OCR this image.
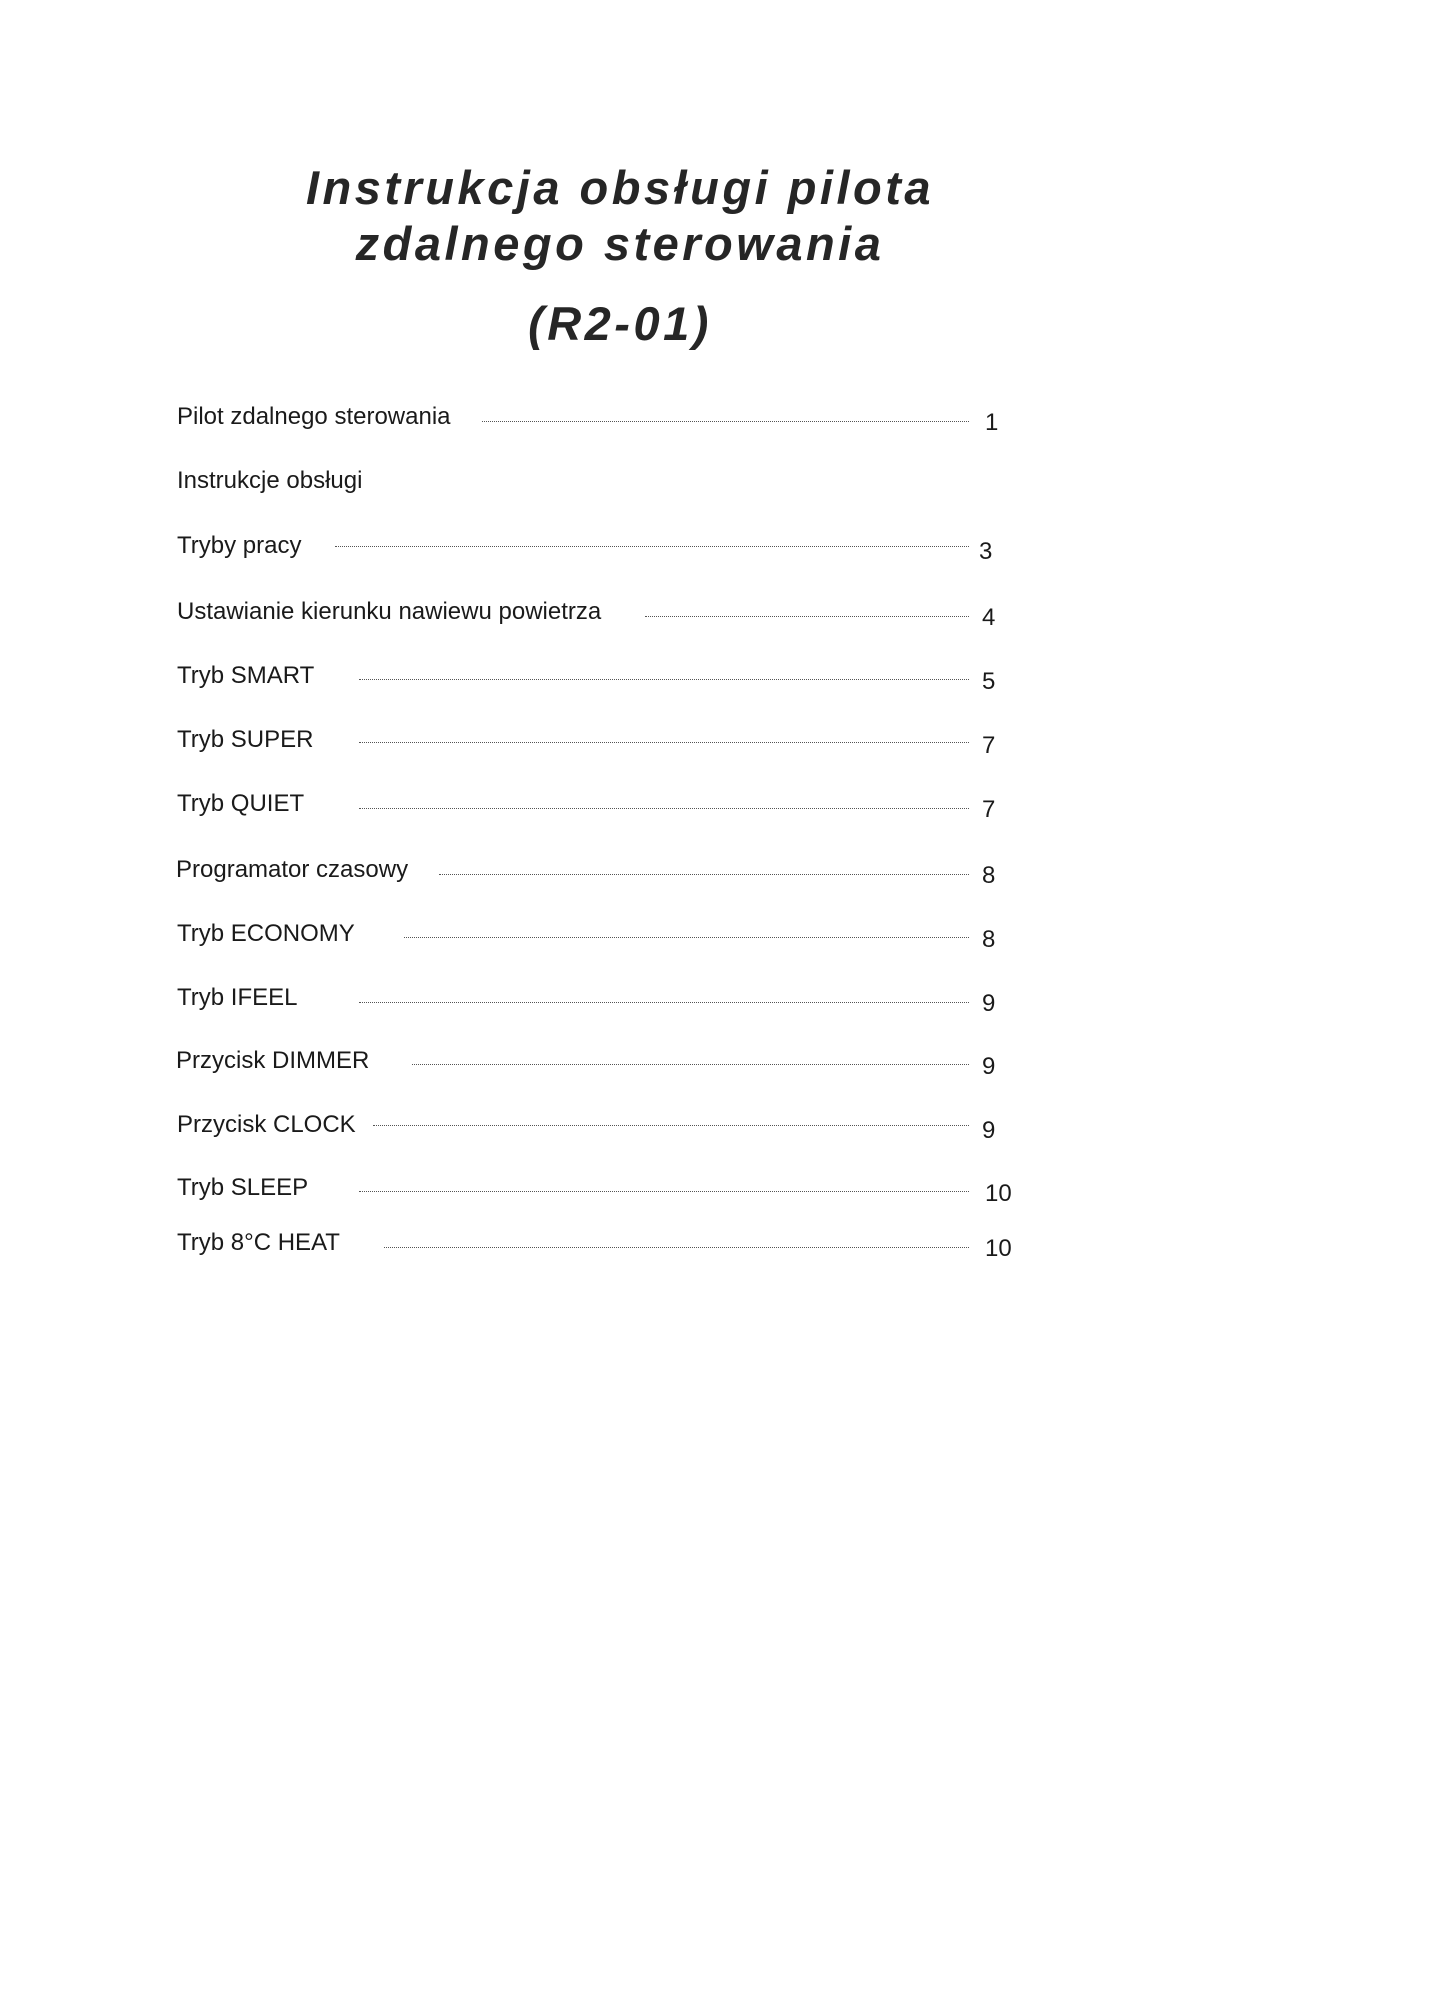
Instrukcja obsługi pilota
zdalnego sterowania
(R2-01)
Pilot zdalnego sterowania	1
Instrukcje obsługi
Tryby pracy	3
Ustawianie kierunku nawiewu powietrza	4
Tryb SMART	5
Tryb SUPER	7
Tryb QUIET	7
Programator czasowy	8
Tryb ECONOMY	8
Tryb IFEEL	9
Przycisk DIMMER	9
Przycisk CLOCK	9
Tryb SLEEP	10
Tryb 8°C HEAT	10
